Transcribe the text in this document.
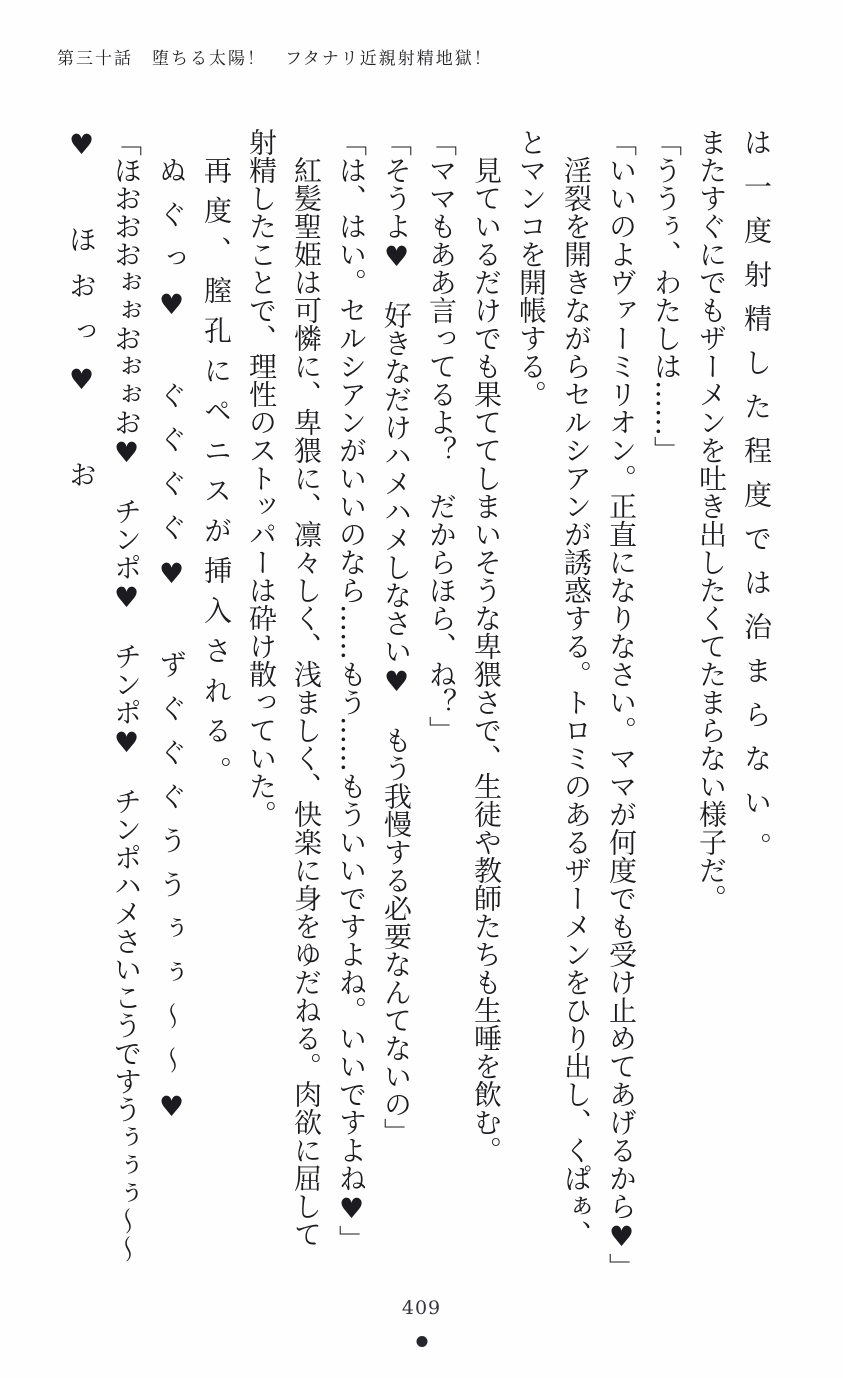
第三十話　堕ちる太陽！　フタナリ近親射精地獄！
は一度射精した程度では治まらない。
またすぐにでもザーメンを吐き出したくてたまらない様子だ。
「ううぅ、わたしは……」
「いいのよヴァーミリオン。正直になりなさい。ママが何度でも受け止めてあげるから♥」
淫裂を開きながらセルシアンが誘惑する。トロミのあるザーメンをひり出し、くぱぁ、
とマンコを開帳する。
見ているだけでも果ててしまいそうな卑猥さで、生徒や教師たちも生唾を飲む。
「ママもああ言ってるよ？　だからほら、ね？」
「そうよ♥　好きなだけハメハメしなさい♥　もう我慢する必要なんてないの」
「は、はい。セルシアンがいいのなら……もう……もういいですよね。いいですよね♥」
紅髪聖姫は可憐に、卑猥に、凛々しく、浅ましく、快楽に身をゆだねる。肉欲に屈して
射精したことで、理性のストッパーは砕け散っていた。
再度、膣孔にペニスが挿入される。
ぬぐっ♥　ぐぐぐぐ♥　ずぐぐぐううぅぅ〜〜♥
「ほおおおぉぉおぉぉお♥　チンポ♥　チンポ♥　チンポハメさいこうですうぅぅぅ〜〜
♥　ほおっ♥　お
409
